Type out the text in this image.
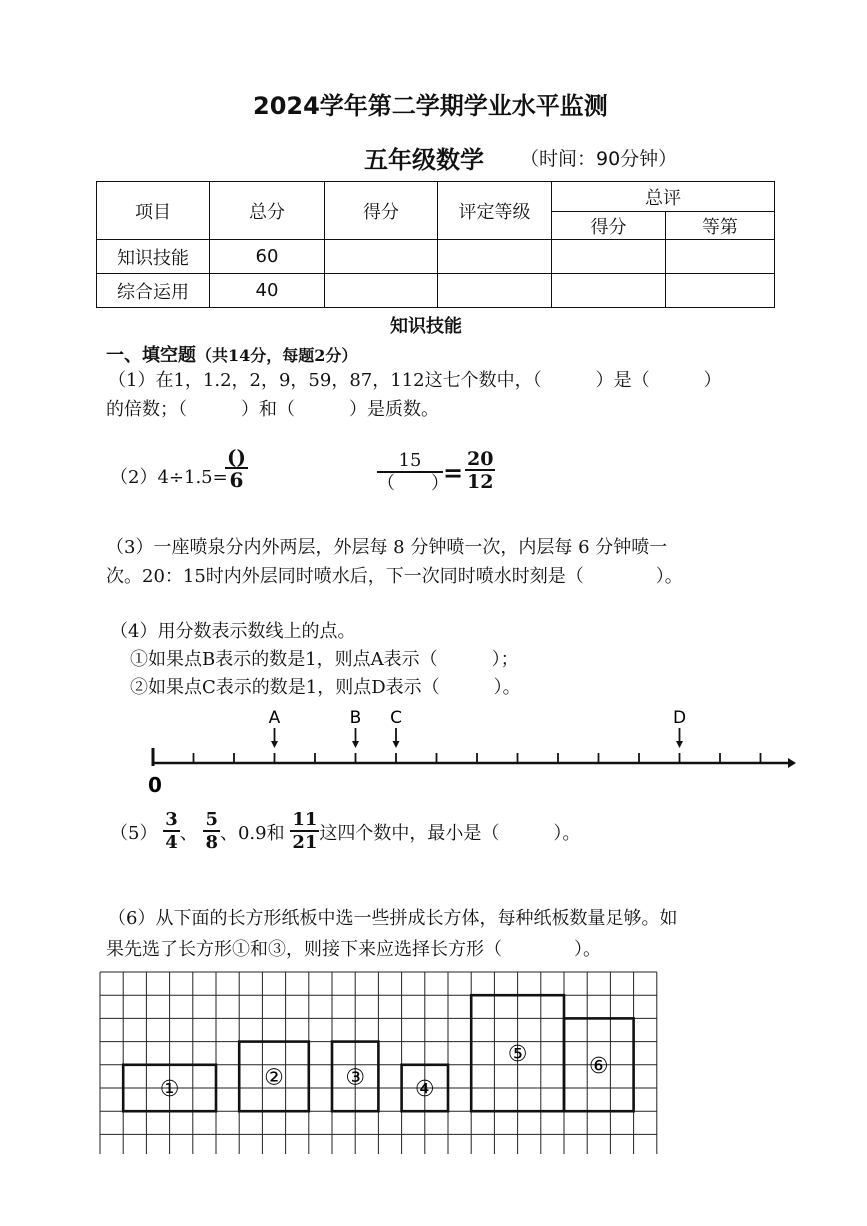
2024学年第二学期学业水平监测
五年级数学 （时间：90分钟）
项目	总分	得分	评定等级	总评	
				得分	等第
知识技能	60				
综合运用	40				
知识技能
一、填空题（共14分，每题2分）
（1）在1，1.2，2，9，59，87，112这七个数中，（　　　）是（　　　）
的倍数；（　　　）和（　　　）是质数。
（2）4÷1.5=
()
6
15
（　　）
= $\frac{20}{12}$
（3）一座喷泉分内外两层，外层每 8 分钟喷一次，内层每 6 分钟喷一
次。20：15时内外层同时喷水后，下一次同时喷水时刻是（　　　　）。
（4）用分数表示数线上的点。
①如果点B表示的数是1，则点A表示（　　　）；
②如果点C表示的数是1，则点D表示（　　　）。
A	B C	D
0
$(5) \frac{3}{4}$ 、 $\frac{5}{8}$ 、0.9和 $\frac{11}{21}$ 这四个数中，最小是（　　　）。
（6）从下面的长方形纸板中选一些拼成长方体，每种纸板数量足够。如
果先选了长方形①和③，则接下来应选择长方形（　　　　）。
①	②	③ ④
⑤	⑥
